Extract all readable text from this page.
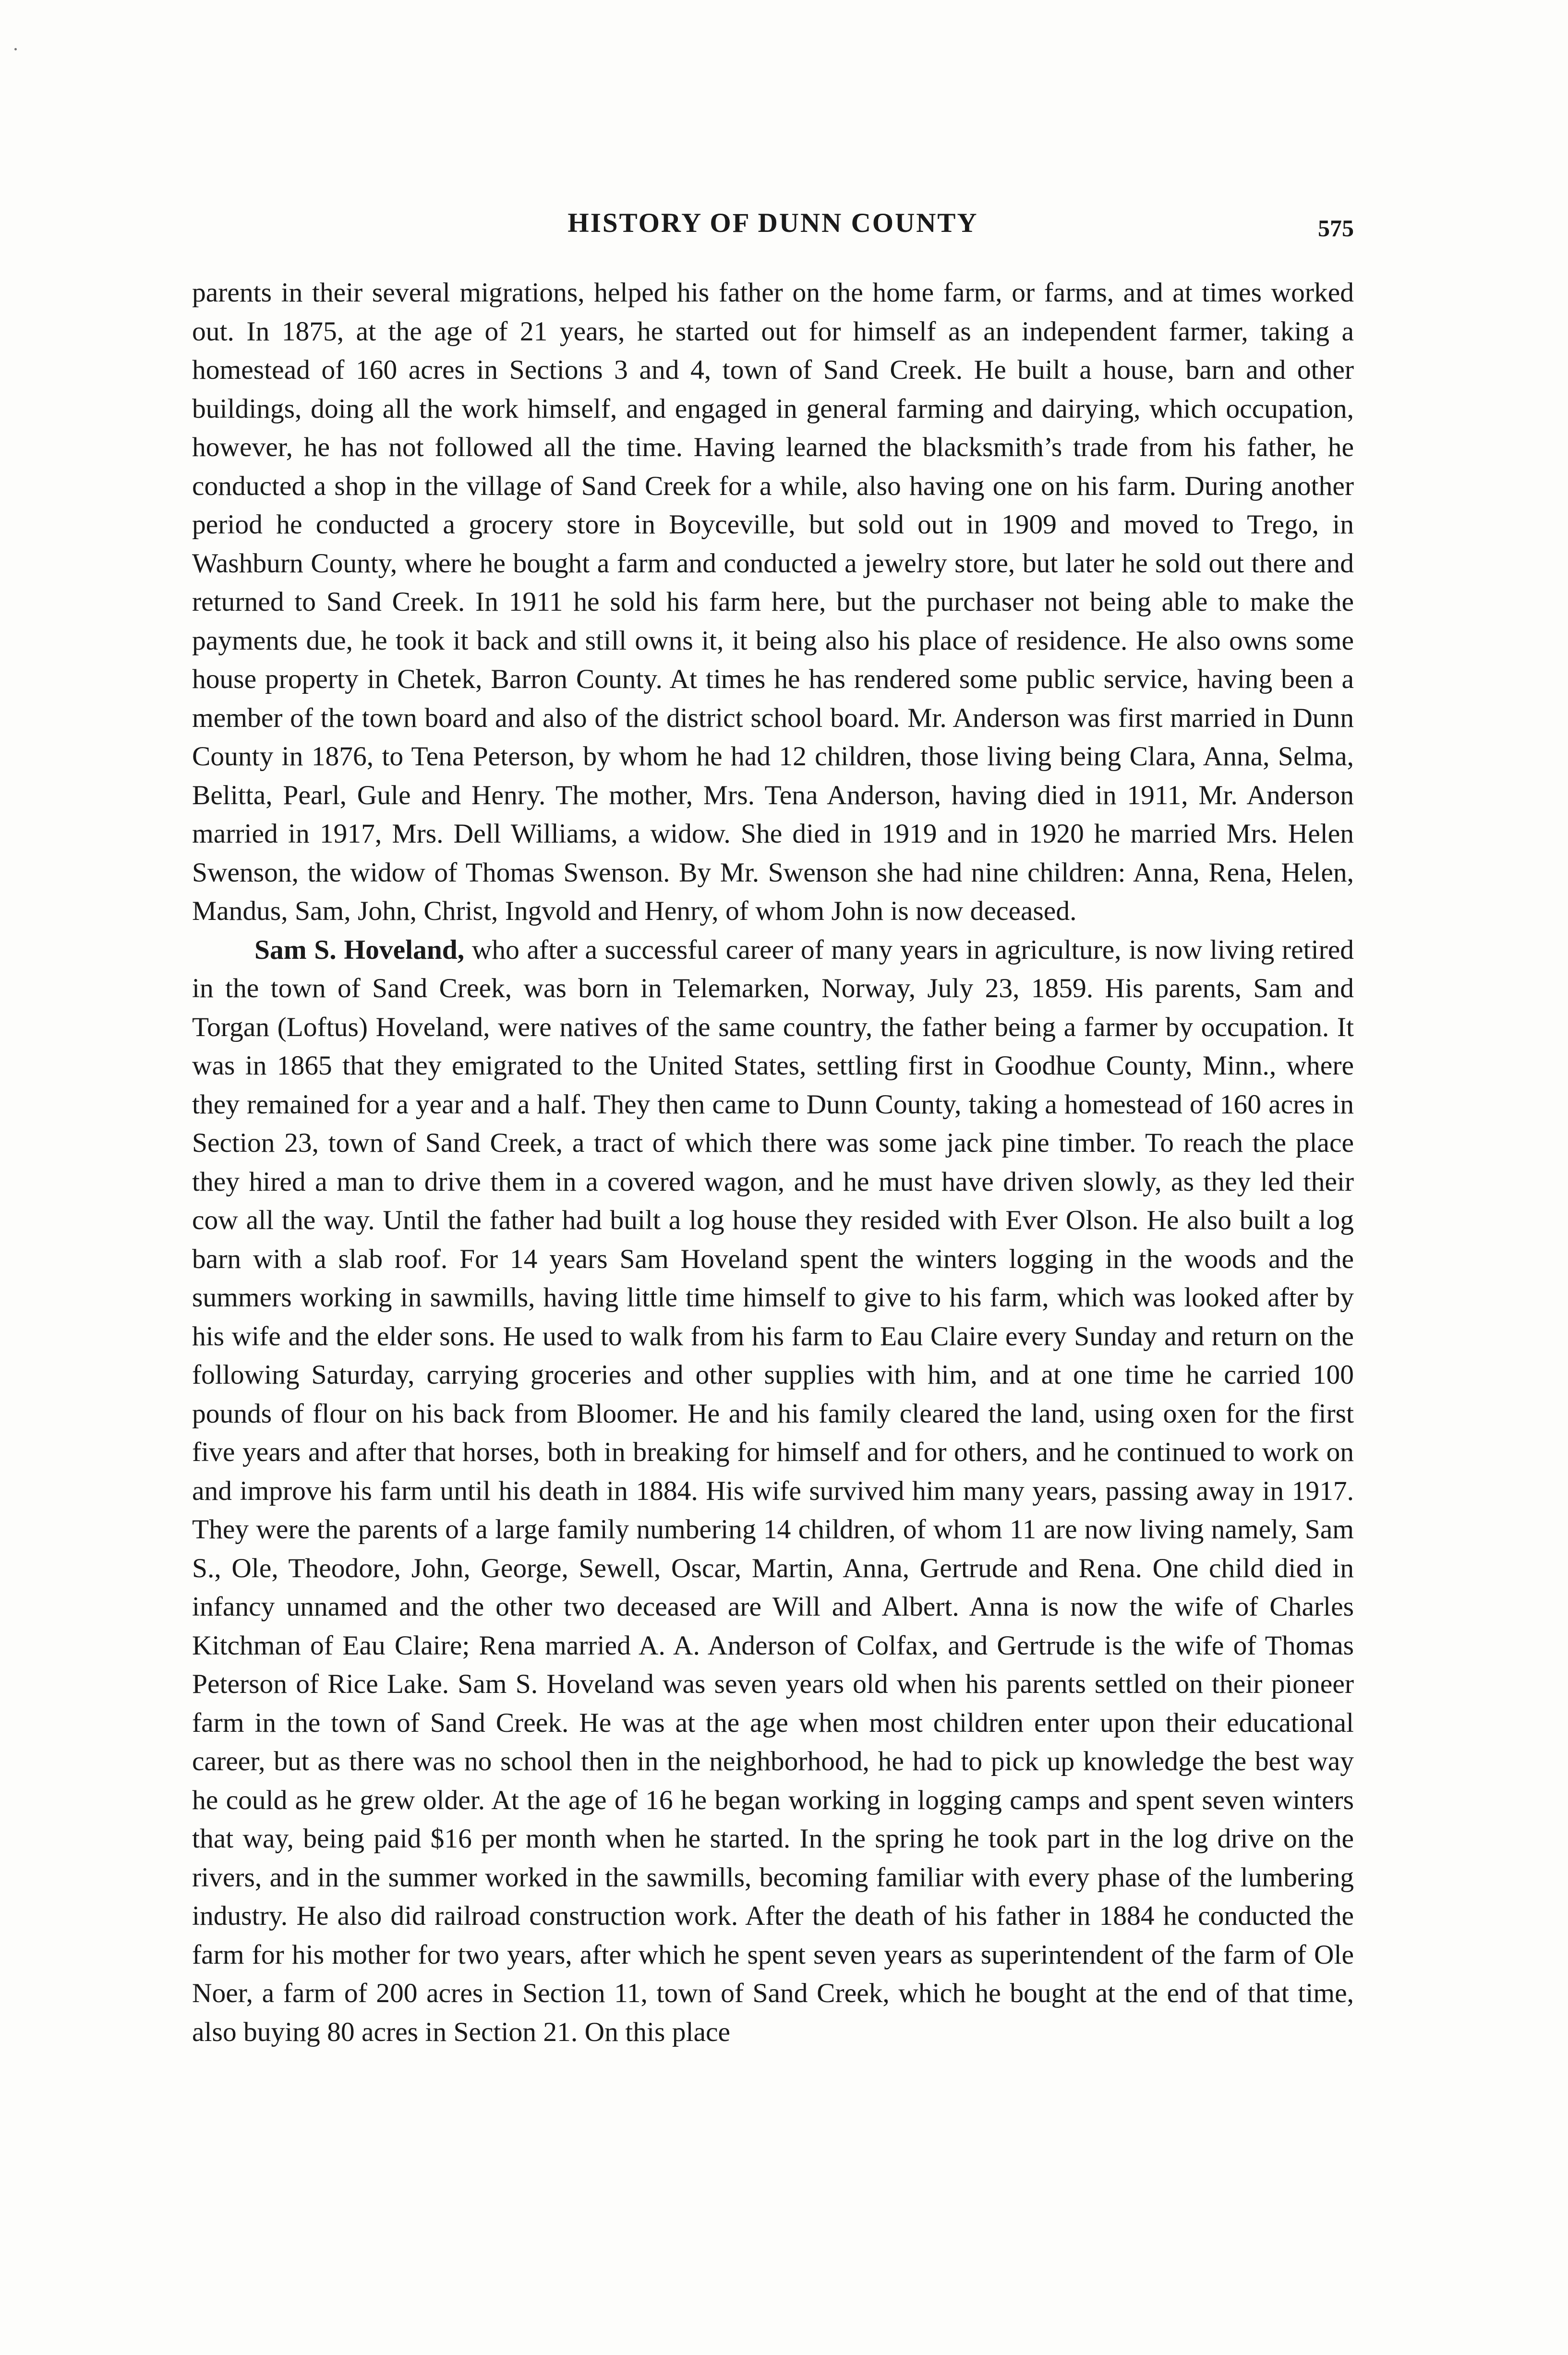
HISTORY OF DUNN COUNTY	575

parents in their several migrations, helped his father on the home farm, or farms, and at times worked out. In 1875, at the age of 21 years, he started out for himself as an independent farmer, taking a homestead of 160 acres in Sections 3 and 4, town of Sand Creek. He built a house, barn and other buildings, doing all the work himself, and engaged in general farming and dairying, which occupation, however, he has not followed all the time. Having learned the blacksmith’s trade from his father, he conducted a shop in the village of Sand Creek for a while, also having one on his farm. During another period he conducted a grocery store in Boyceville, but sold out in 1909 and moved to Trego, in Washburn County, where he bought a farm and conducted a jewelry store, but later he sold out there and returned to Sand Creek. In 1911 he sold his farm here, but the purchaser not being able to make the payments due, he took it back and still owns it, it being also his place of residence. He also owns some house property in Chetek, Barron County. At times he has rendered some public service, having been a member of the town board and also of the district school board. Mr. Anderson was first married in Dunn County in 1876, to Tena Peterson, by whom he had 12 children, those living being Clara, Anna, Selma, Belitta, Pearl, Gule and Henry. The mother, Mrs. Tena Anderson, having died in 1911, Mr. Anderson married in 1917, Mrs. Dell Williams, a widow. She died in 1919 and in 1920 he married Mrs. Helen Swenson, the widow of Thomas Swenson. By Mr. Swenson she had nine children: Anna, Rena, Helen, Mandus, Sam, John, Christ, Ingvold and Henry, of whom John is now deceased.

Sam S. Hoveland, who after a successful career of many years in agriculture, is now living retired in the town of Sand Creek, was born in Telemarken, Norway, July 23, 1859. His parents, Sam and Torgan (Loftus) Hoveland, were natives of the same country, the father being a farmer by occupation. It was in 1865 that they emigrated to the United States, settling first in Goodhue County, Minn., where they remained for a year and a half. They then came to Dunn County, taking a homestead of 160 acres in Section 23, town of Sand Creek, a tract of which there was some jack pine timber. To reach the place they hired a man to drive them in a covered wagon, and he must have driven slowly, as they led their cow all the way. Until the father had built a log house they resided with Ever Olson. He also built a log barn with a slab roof. For 14 years Sam Hoveland spent the winters logging in the woods and the summers working in sawmills, having little time himself to give to his farm, which was looked after by his wife and the elder sons. He used to walk from his farm to Eau Claire every Sunday and return on the following Saturday, carrying groceries and other supplies with him, and at one time he carried 100 pounds of flour on his back from Bloomer. He and his family cleared the land, using oxen for the first five years and after that horses, both in breaking for himself and for others, and he continued to work on and improve his farm until his death in 1884. His wife survived him many years, passing away in 1917. They were the parents of a large family numbering 14 children, of whom 11 are now living namely, Sam S., Ole, Theodore, John, George, Sewell, Oscar, Martin, Anna, Gertrude and Rena. One child died in infancy unnamed and the other two deceased are Will and Albert. Anna is now the wife of Charles Kitchman of Eau Claire; Rena married A. A. Anderson of Colfax, and Gertrude is the wife of Thomas Peterson of Rice Lake. Sam S. Hoveland was seven years old when his parents settled on their pioneer farm in the town of Sand Creek. He was at the age when most children enter upon their educational career, but as there was no school then in the neighborhood, he had to pick up knowledge the best way he could as he grew older. At the age of 16 he began working in logging camps and spent seven winters that way, being paid $16 per month when he started. In the spring he took part in the log drive on the rivers, and in the summer worked in the sawmills, becoming familiar with every phase of the lumbering industry. He also did railroad construction work. After the death of his father in 1884 he conducted the farm for his mother for two years, after which he spent seven years as superintendent of the farm of Ole Noer, a farm of 200 acres in Section 11, town of Sand Creek, which he bought at the end of that time, also buying 80 acres in Section 21. On this place
